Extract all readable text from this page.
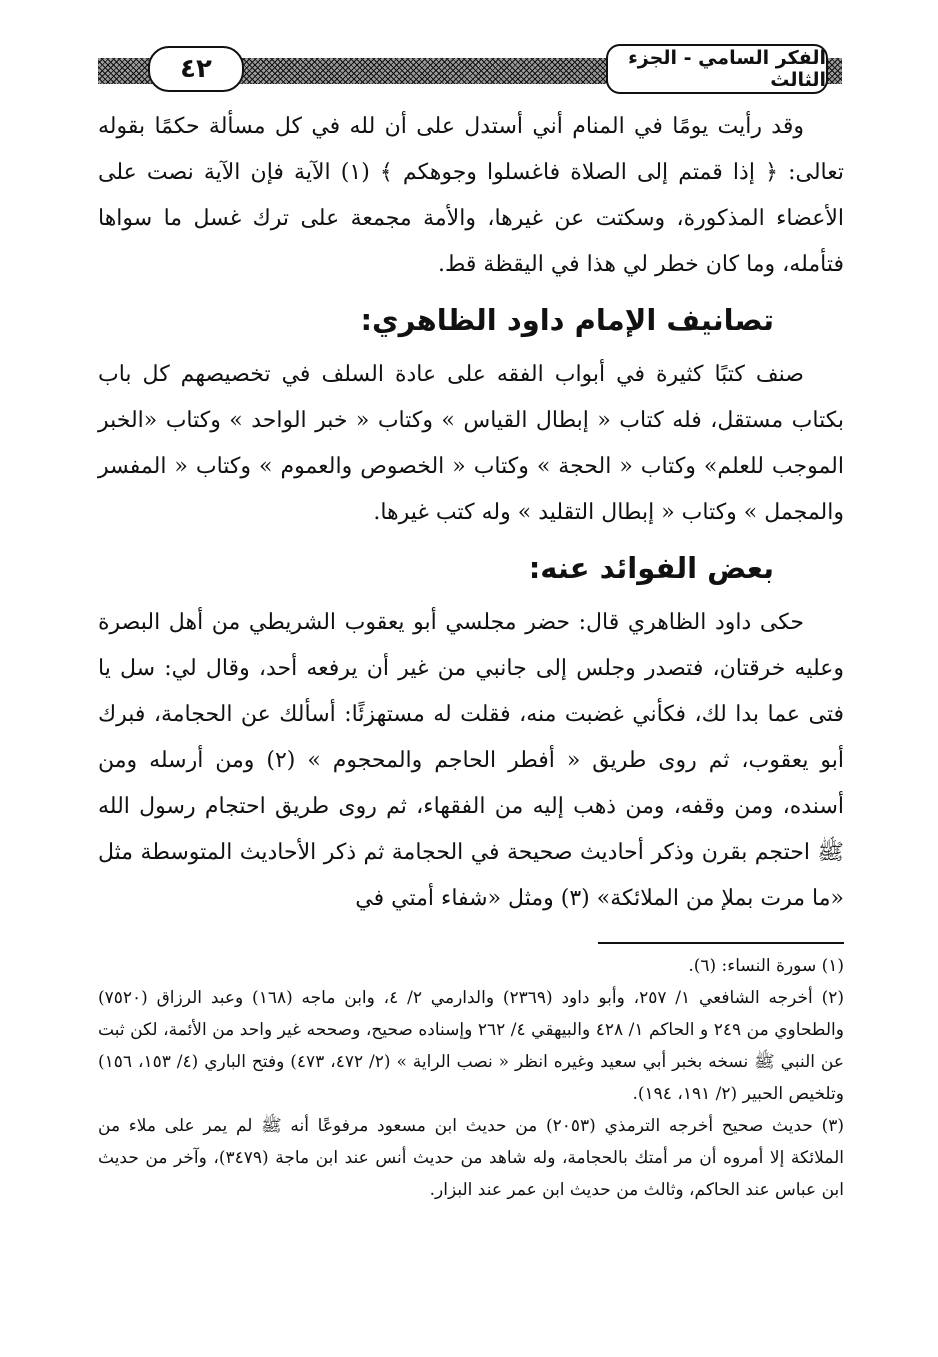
الفكر السامي - الجزء الثالث
٤٢

وقد رأيت يومًا في المنام أني أستدل على أن لله في كل مسألة حكمًا بقوله تعالى: ﴿ إذا قمتم إلى الصلاة فاغسلوا وجوهكم ﴾ (١) الآية فإن الآية نصت على الأعضاء المذكورة، وسكتت عن غيرها، والأمة مجمعة على ترك غسل ما سواها فتأمله، وما كان خطر لي هذا في اليقظة قط.

تصانيف الإمام داود الظاهري:

صنف كتبًا كثيرة في أبواب الفقه على عادة السلف في تخصيصهم كل باب بكتاب مستقل، فله كتاب « إبطال القياس » وكتاب « خبر الواحد » وكتاب «الخبر الموجب للعلم» وكتاب « الحجة » وكتاب « الخصوص والعموم » وكتاب « المفسر والمجمل » وكتاب « إبطال التقليد » وله كتب غيرها.

بعض الفوائد عنه:

حكى داود الظاهري قال: حضر مجلسي أبو يعقوب الشريطي من أهل البصرة وعليه خرقتان، فتصدر وجلس إلى جانبي من غير أن يرفعه أحد، وقال لي: سل يا فتى عما بدا لك، فكأني غضبت منه، فقلت له مستهزئًا: أسألك عن الحجامة، فبرك أبو يعقوب، ثم روى طريق « أفطر الحاجم والمحجوم » (٢) ومن أرسله ومن أسنده، ومن وقفه، ومن ذهب إليه من الفقهاء، ثم روى طريق احتجام رسول الله ﷺ احتجم بقرن وذكر أحاديث صحيحة في الحجامة ثم ذكر الأحاديث المتوسطة مثل «ما مرت بملإ من الملائكة» (٣) ومثل «شفاء أمتي في

(١) سورة النساء: (٦).

(٢) أخرجه الشافعي ١/ ٢٥٧، وأبو داود (٢٣٦٩) والدارمي ٢/ ٤، وابن ماجه (١٦٨) وعبد الرزاق (٧٥٢٠) والطحاوي من ٢٤٩ و الحاكم ١/ ٤٢٨ والبيهقي ٤/ ٢٦٢ وإسناده صحيح، وصححه غير واحد من الأئمة، لكن ثبت عن النبي ﷺ نسخه بخبر أبي سعيد وغيره انظر « نصب الراية » (٢/ ٤٧٢، ٤٧٣) وفتح الباري (٤/ ١٥٣، ١٥٦) وتلخيص الحبير (٢/ ١٩١، ١٩٤).

(٣) حديث صحيح أخرجه الترمذي (٢٠٥٣) من حديث ابن مسعود مرفوعًا أنه ﷺ لم يمر على ملاء من الملائكة إلا أمروه أن مر أمتك بالحجامة، وله شاهد من حديث أنس عند ابن ماجة (٣٤٧٩)، وآخر من حديث ابن عباس عند الحاكم، وثالث من حديث ابن عمر عند البزار.
